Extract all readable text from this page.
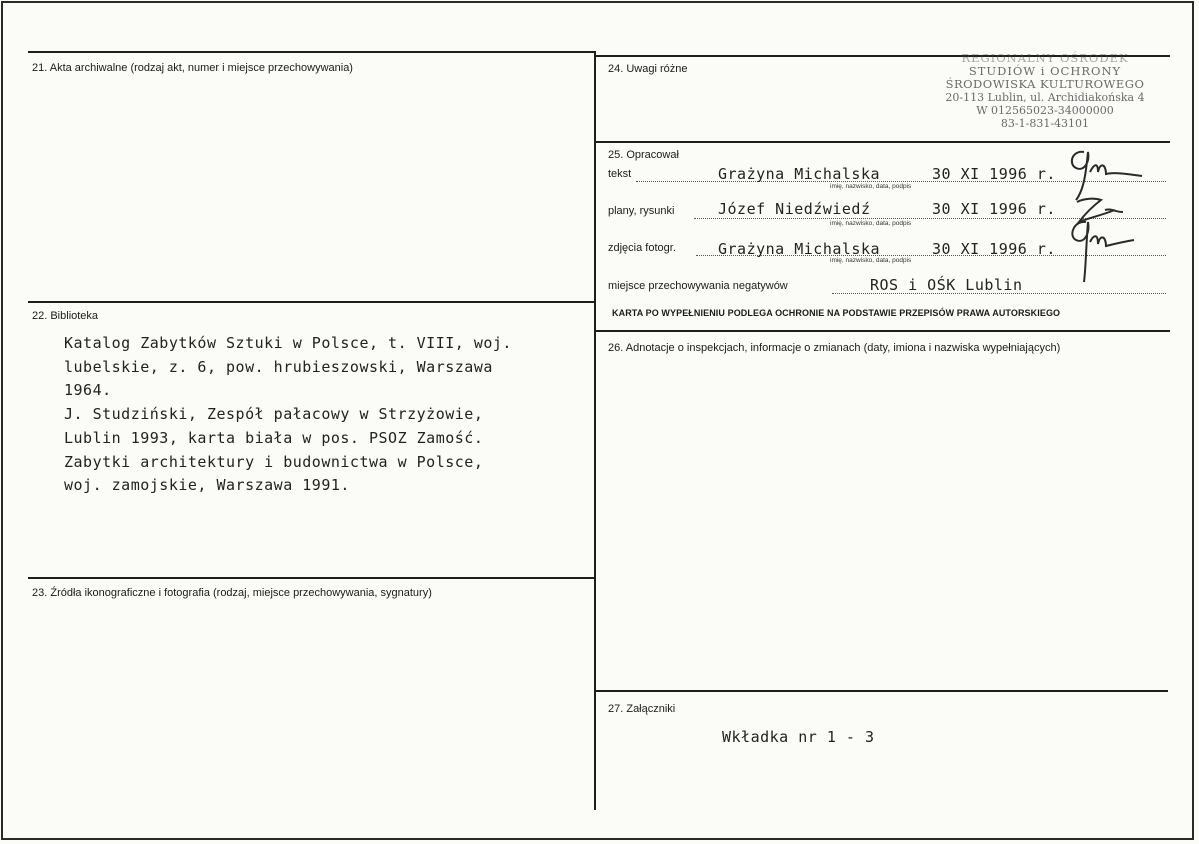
21. Akta archiwalne (rodzaj akt, numer i miejsce przechowywania)
22. Biblioteka
Katalog Zabytków Sztuki w Polsce, t. VIII, woj.
lubelskie, z. 6, pow. hrubieszowski, Warszawa
1964.
J. Studziński, Zespół pałacowy w Strzyżowie,
Lublin 1993, karta biała w pos. PSOZ Zamość.
Zabytki architektury i budownictwa w Polsce,
woj. zamojskie, Warszawa 1991.
23. Źródła ikonograficzne i fotografia (rodzaj, miejsce przechowywania, sygnatury)
24. Uwagi różne
REGIONALNY OŚRODEK
STUDIÓW i OCHRONY
ŚRODOWISKA KULTUROWEGO
20-113 Lublin, ul. Archidiakońska 4
W 012565023-34000000
83-1-831-43101
25. Opracował
tekst	Grażyna Michalska	30 XI 1996 r.
imię, nazwisko, data, podpis
plany, rysunki	Józef Niedźwiedź	30 XI 1996 r.
imię, nazwisko, data, podpis
zdjęcia fotogr.	Grażyna Michalska	30 XI 1996 r.
imię, nazwisko, data, podpis
miejsce przechowywania negatywów	ROS i OŚK Lublin
KARTA PO WYPEŁNIENIU PODLEGA OCHRONIE NA PODSTAWIE PRZEPISÓW PRAWA AUTORSKIEGO
26. Adnotacje o inspekcjach, informacje o zmianach (daty, imiona i nazwiska wypełniających)
27. Załączniki
Wkładka nr 1 - 3
